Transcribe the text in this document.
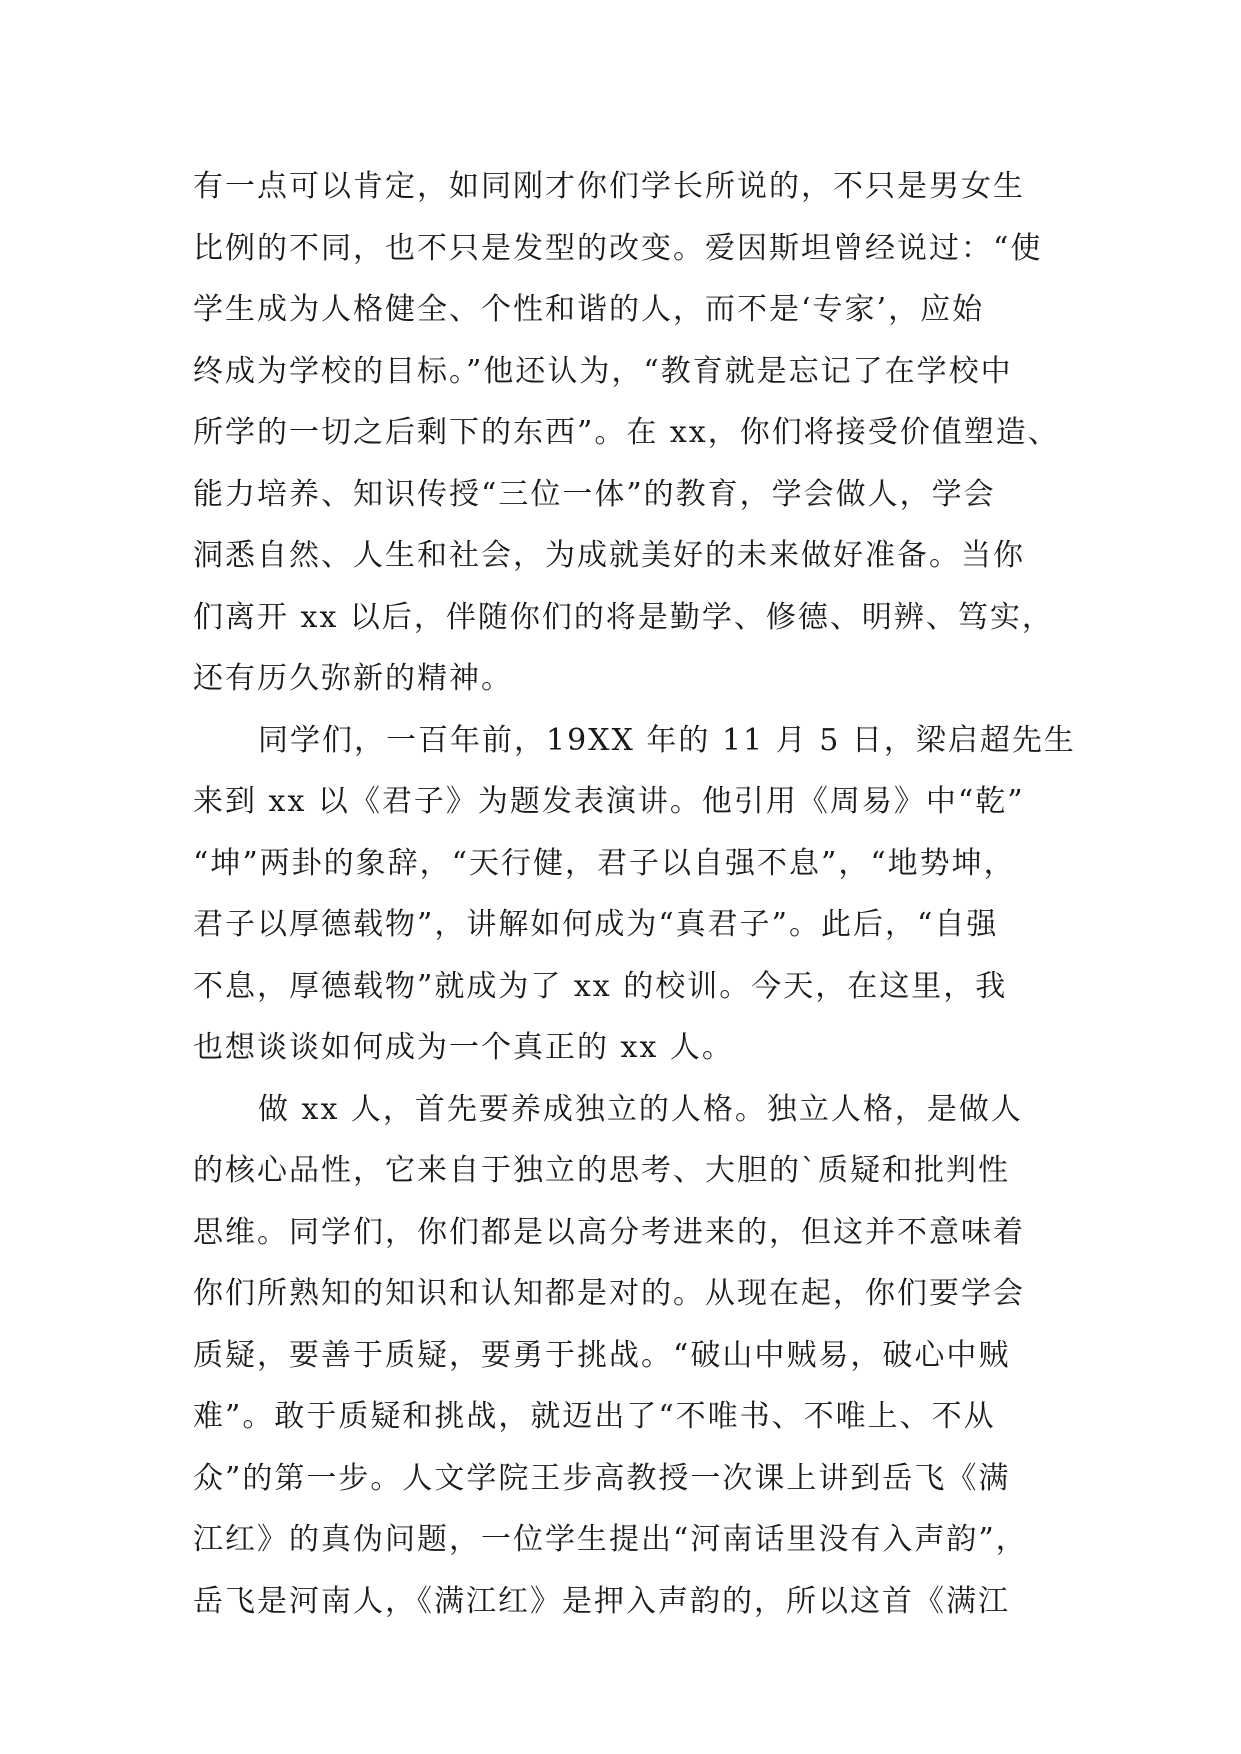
有一点可以肯定，如同刚才你们学长所说的，不只是男女生
比例的不同，也不只是发型的改变。爱因斯坦曾经说过：“使
学生成为人格健全、个性和谐的人，而不是‘专家’，应始
终成为学校的目标。”他还认为，“教育就是忘记了在学校中
所学的一切之后剩下的东西”。在 xx，你们将接受价值塑造、
能力培养、知识传授“三位一体”的教育，学会做人，学会
洞悉自然、人生和社会，为成就美好的未来做好准备。当你
们离开 xx 以后，伴随你们的将是勤学、修德、明辨、笃实，
还有历久弥新的精神。
同学们，一百年前，19XX 年的 11 月 5 日，梁启超先生
来到 xx 以《君子》为题发表演讲。他引用《周易》中“乾”
“坤”两卦的象辞，“天行健，君子以自强不息”，“地势坤，
君子以厚德载物”，讲解如何成为“真君子”。此后，“自强
不息，厚德载物”就成为了 xx 的校训。今天，在这里，我
也想谈谈如何成为一个真正的 xx 人。
做 xx 人，首先要养成独立的人格。独立人格，是做人
的核心品性，它来自于独立的思考、大胆的`质疑和批判性
思维。同学们，你们都是以高分考进来的，但这并不意味着
你们所熟知的知识和认知都是对的。从现在起，你们要学会
质疑，要善于质疑，要勇于挑战。“破山中贼易，破心中贼
难”。敢于质疑和挑战，就迈出了“不唯书、不唯上、不从
众”的第一步。人文学院王步高教授一次课上讲到岳飞《满
江红》的真伪问题，一位学生提出“河南话里没有入声韵”，
岳飞是河南人，《满江红》是押入声韵的，所以这首《满江
